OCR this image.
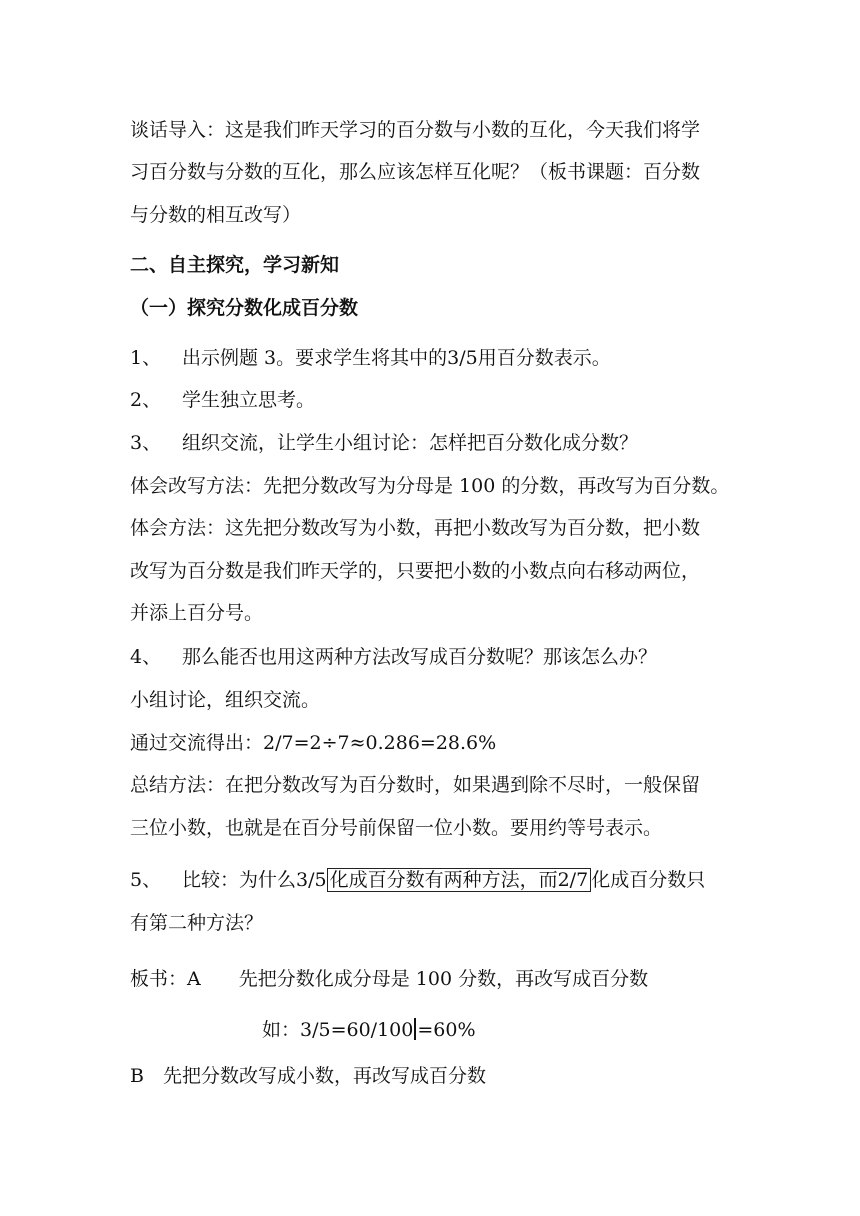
谈话导入：这是我们昨天学习的百分数与小数的互化，今天我们将学
习百分数与分数的互化，那么应该怎样互化呢？（板书课题：百分数
与分数的相互改写）
二、自主探究，学习新知
（一）探究分数化成百分数
1、 出示例题 3。要求学生将其中的3/5用百分数表示。
2、 学生独立思考。
3、 组织交流，让学生小组讨论：怎样把百分数化成分数？
体会改写方法：先把分数改写为分母是 100 的分数，再改写为百分数。
体会方法：这先把分数改写为小数，再把小数改写为百分数，把小数
改写为百分数是我们昨天学的，只要把小数的小数点向右移动两位，
并添上百分号。
4、 那么能否也用这两种方法改写成百分数呢？那该怎么办？
小组讨论，组织交流。
通过交流得出：2/7=2÷7≈0.286=28.6%
总结方法：在把分数改写为百分数时，如果遇到除不尽时，一般保留
三位小数，也就是在百分号前保留一位小数。要用约等号表示。
5、 比较：为什么3/5 化成百分数有两种方法，而2/7 化成百分数只
有第二种方法？
板书：A 先把分数化成分母是 100 分数，再改写成百分数
如：3/5=60/100 =60%
B　先把分数改写成小数，再改写成百分数
